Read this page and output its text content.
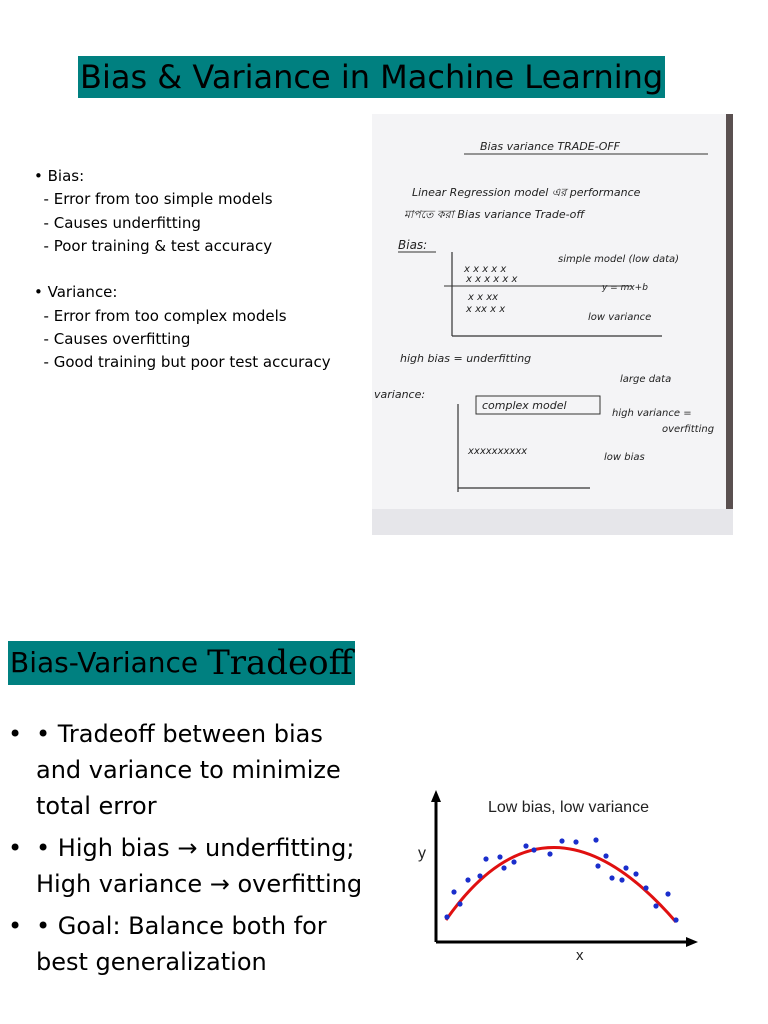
Bias & Variance in Machine Learning
• Bias:
- Error from too simple models
- Causes underfitting
- Poor training & test accuracy

• Variance:
- Error from too complex models
- Causes overfitting
- Good training but poor test accuracy
Bias variance TRADE-OFF
Linear Regression model এর performance
মাপতে করা Bias variance Trade-off
Bias:
x x x x x
x x x x x x
x x xx
x xx x x
simple model (low data)
y = mx+b
low variance
high bias = underfitting
variance:
complex model
xxxxxxxxxx
large data
high variance =
overfitting
low bias
Bias-Variance Tradeoff
• • Tradeoff between bias and variance to minimize total error
• • High bias → underfitting; High variance → overfitting
• • Goal: Balance both for best generalization
Low bias, low variance
y
x
